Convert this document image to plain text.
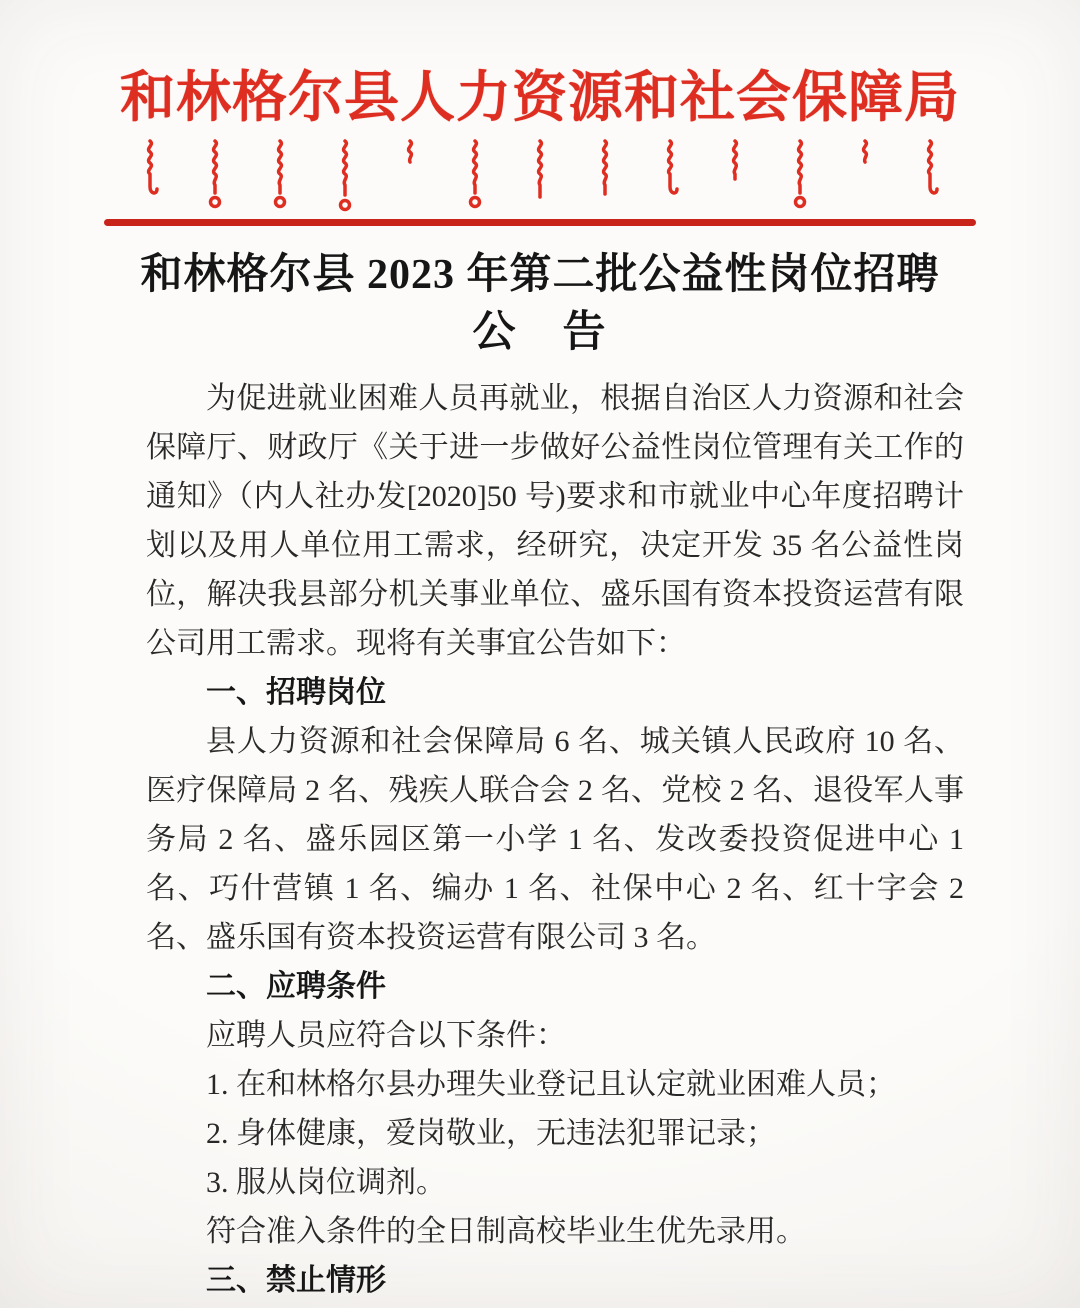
和林格尔县人力资源和社会保障局
和林格尔县 2023 年第二批公益性岗位招聘
公　告

为促进就业困难人员再就业，根据自治区人力资源和社会保障厅、财政厅《关于进一步做好公益性岗位管理有关工作的通知》（内人社办发[2020]50 号)要求和市就业中心年度招聘计划以及用人单位用工需求，经研究，决定开发 35 名公益性岗位，解决我县部分机关事业单位、盛乐国有资本投资运营有限公司用工需求。现将有关事宜公告如下：

一、招聘岗位

县人力资源和社会保障局 6 名、城关镇人民政府 10 名、医疗保障局 2 名、残疾人联合会 2 名、党校 2 名、退役军人事务局 2 名、盛乐园区第一小学 1 名、发改委投资促进中心 1 名、巧什营镇 1 名、编办 1 名、社保中心 2 名、红十字会 2 名、盛乐国有资本投资运营有限公司 3 名。

二、应聘条件

应聘人员应符合以下条件：

1. 在和林格尔县办理失业登记且认定就业困难人员；

2. 身体健康，爱岗敬业，无违法犯罪记录；

3. 服从岗位调剂。

符合准入条件的全日制高校毕业生优先录用。

三、禁止情形
